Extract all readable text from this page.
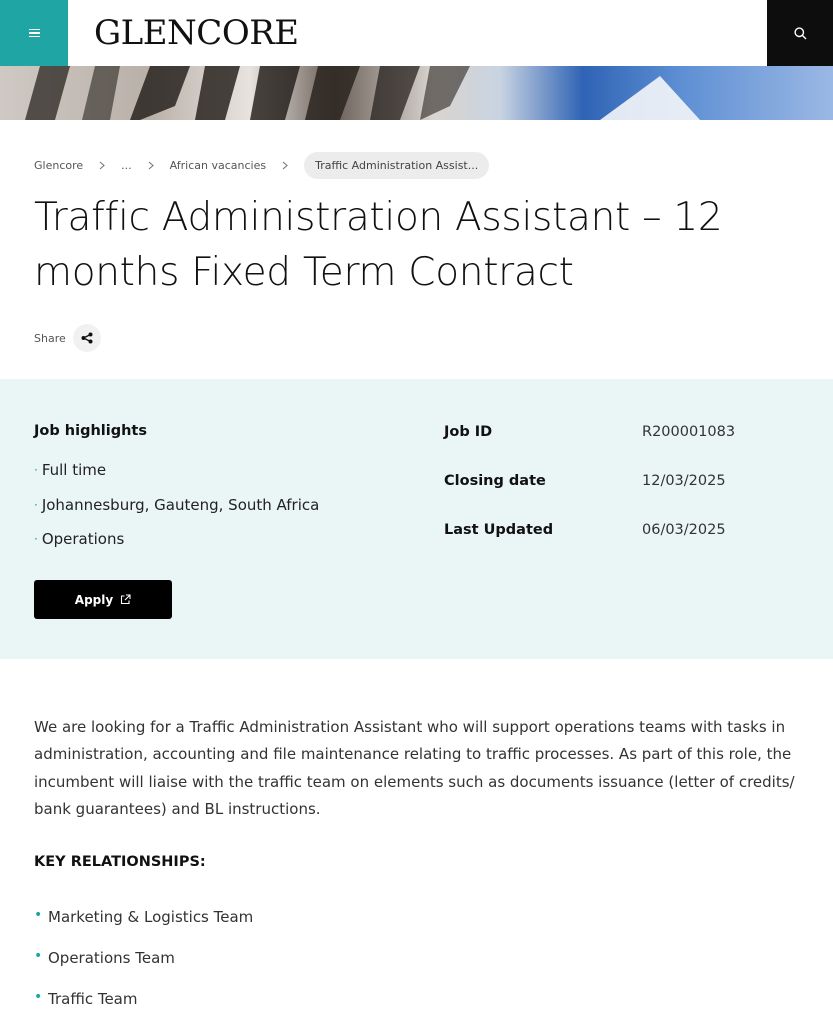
GLENCORE
Glencore	...	African vacancies	Traffic Administration Assist...
Traffic Administration Assistant – 12
months Fixed Term Contract
Share
Job highlights
· Full time
· Johannesburg, Gauteng, South Africa
· Operations
Apply
Job ID	R200001083
Closing date	12/03/2025
Last Updated	06/03/2025

We are looking for a Traffic Administration Assistant who will support operations teams with tasks in administration, accounting and file maintenance relating to traffic processes. As part of this role, the incumbent will liaise with the traffic team on elements such as documents issuance (letter of credits/ bank guarantees) and BL instructions.

KEY RELATIONSHIPS:
• Marketing & Logistics Team
• Operations Team
• Traffic Team
